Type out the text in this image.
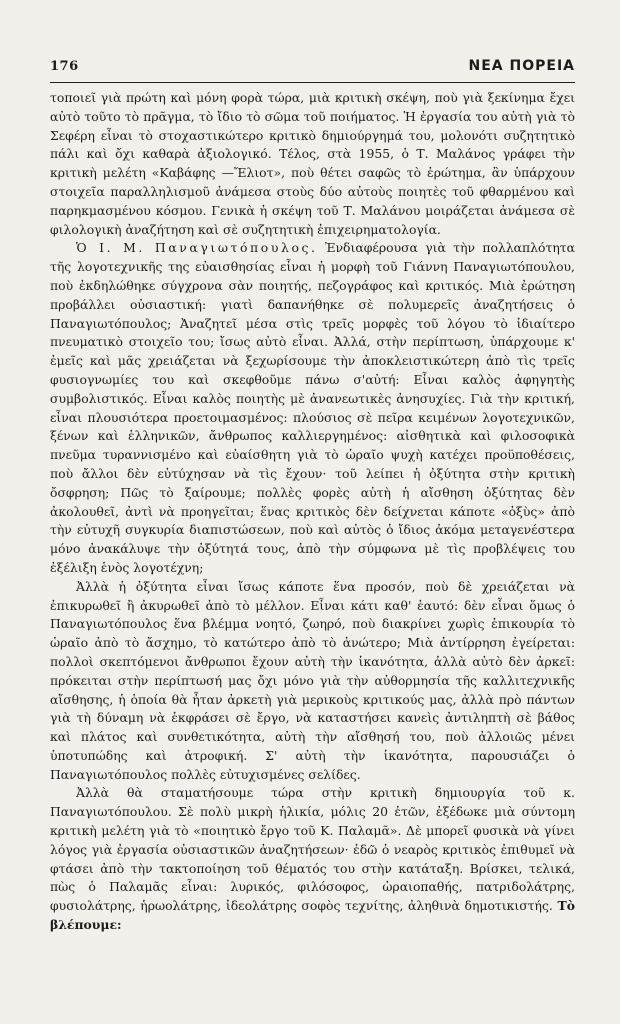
176	ΝΕΑ ΠΟΡΕΙΑ

τοποιεῖ γιὰ πρώτη καὶ μόνη φορὰ τώρα, μιὰ κριτικὴ σκέψη, ποὺ γιὰ ξεκίνημα ἔχει αὐτὸ τοῦτο τὸ πρᾶγμα, τὸ ἴδιο τὸ σῶμα τοῦ ποιήματος. Ἡ ἐργασία του αὐτὴ γιὰ τὸ Σεφέρη εἶναι τὸ στοχαστικώτερο κριτικὸ δημιούργημά του, μολονότι συζητητικὸ πάλι καὶ ὄχι καθαρὰ ἀξιολογικό. Τέλος, στὰ 1955, ὁ Τ. Μαλάνος γράφει τὴν κριτικὴ μελέτη «Καβάφης —Ἔλιοτ», ποὺ θέτει σαφῶς τὸ ἐρώτημα, ἂν ὑπάρχουν στοιχεῖα παραλληλισμοῦ ἀνάμεσα στοὺς δύο αὐτοὺς ποιητὲς τοῦ φθαρμένου καὶ παρηκμασμένου κόσμου. Γενικὰ ἡ σκέψη τοῦ Τ. Μαλάνου μοιράζεται ἀνάμεσα σὲ φιλολογικὴ ἀναζήτηση καὶ σὲ συζητητικὴ ἐπιχειρηματολογία.

Ὁ Ι. Μ. Παναγιωτόπουλος. Ἐνδιαφέρουσα γιὰ τὴν πολλαπλότητα τῆς λογοτεχνικῆς της εὐαισθησίας εἶναι ἡ μορφὴ τοῦ Γιάννη Παναγιωτόπουλου, ποὺ ἐκδηλώθηκε σύγχρονα σὰν ποιητής, πεζογράφος καὶ κριτικός. Μιὰ ἐρώτηση προβάλλει οὐσιαστική: γιατὶ δαπανήθηκε σὲ πολυμερεῖς ἀναζητήσεις ὁ Παναγιωτόπουλος; Ἀναζητεῖ μέσα στὶς τρεῖς μορφὲς τοῦ λόγου τὸ ἰδιαίτερο πνευματικὸ στοιχεῖο του; ἴσως αὐτὸ εἶναι. Ἀλλά, στὴν περίπτωση, ὑπάρχουμε κ' ἐμεῖς καὶ μᾶς χρειάζεται νὰ ξεχωρίσουμε τὴν ἀποκλειστικώτερη ἀπὸ τὶς τρεῖς φυσιογνωμίες του καὶ σκεφθοῦμε πάνω σ'αὐτή: Εἶναι καλὸς ἀφηγητὴς συμβολιστικός. Εἶναι καλὸς ποιητὴς μὲ ἀνανεωτικὲς ἀνησυχίες. Γιὰ τὴν κριτική, εἶναι πλουσιότερα προετοιμασμένος: πλούσιος σὲ πεῖρα κειμένων λογοτεχνικῶν, ξένων καὶ ἑλληνικῶν, ἄνθρωπος καλλιεργημένος: αἰσθητικὰ καὶ φιλοσοφικὰ πνεῦμα τυραννισμένο καὶ εὐαίσθητη γιὰ τὸ ὡραῖο ψυχὴ κατέχει προϋποθέσεις, ποὺ ἄλλοι δὲν εὐτύχησαν νὰ τὶς ἔχουν· τοῦ λείπει ἡ ὀξύτητα στὴν κριτικὴ ὄσφρηση; Πῶς τὸ ξαίρουμε; πολλὲς φορὲς αὐτὴ ἡ αἴσθηση ὀξύτητας δὲν ἀκολουθεῖ, ἀντὶ νὰ προηγεῖται; ἕνας κριτικὸς δὲν δείχνεται κάποτε «ὀξὺς» ἀπὸ τὴν εὐτυχῆ συγκυρία διαπιστώσεων, ποὺ καὶ αὐτὸς ὁ ἴδιος ἀκόμα μεταγενέστερα μόνο ἀνακάλυψε τὴν ὀξύτητά τους, ἀπὸ τὴν σύμφωνα μὲ τὶς προβλέψεις του ἐξέλιξη ἑνὸς λογοτέχνη;

Ἀλλὰ ἡ ὀξύτητα εἶναι ἴσως κάποτε ἕνα προσόν, ποὺ δὲ χρειάζεται νὰ ἐπικυρωθεῖ ἢ ἀκυρωθεῖ ἀπὸ τὸ μέλλον. Εἶναι κάτι καθ' ἑαυτό: δὲν εἶναι ὅμως ὁ Παναγιωτόπουλος ἕνα βλέμμα νοητό, ζωηρό, ποὺ διακρίνει χωρὶς ἐπικουρία τὸ ὡραῖο ἀπὸ τὸ ἄσχημο, τὸ κατώτερο ἀπὸ τὸ ἀνώτερο; Μιὰ ἀντίρρηση ἐγείρεται: πολλοὶ σκεπτόμενοι ἄνθρωποι ἔχουν αὐτὴ τὴν ἱκανότητα, ἀλλὰ αὐτὸ δὲν ἀρκεῖ: πρόκειται στὴν περίπτωσή μας ὄχι μόνο γιὰ τὴν αὐθορμησία τῆς καλλιτεχνικῆς αἴσθησης, ἡ ὁποία θὰ ἦταν ἀρκετὴ γιὰ μερικοὺς κριτικούς μας, ἀλλὰ πρὸ πάντων γιὰ τὴ δύναμη νὰ ἐκφράσει σὲ ἔργο, νὰ καταστήσει κανεὶς ἀντιληπτὴ σὲ βάθος καὶ πλάτος καὶ συνθετικότητα, αὐτὴ τὴν αἴσθησή του, ποὺ ἀλλοιῶς μένει ὑποτυπώδης καὶ ἀτροφική. Σ' αὐτὴ τὴν ἱκανότητα, παρουσιάζει ὁ Παναγιωτόπουλος πολλὲς εὐτυχισμένες σελίδες.

Ἀλλὰ θὰ σταματήσουμε τώρα στὴν κριτικὴ δημιουργία τοῦ κ. Παναγιωτόπουλου. Σὲ πολὺ μικρὴ ἡλικία, μόλις 20 ἐτῶν, ἐξέδωκε μιὰ σύντομη κριτικὴ μελέτη γιὰ τὸ «ποιητικὸ ἔργο τοῦ Κ. Παλαμᾶ». Δὲ μπορεῖ φυσικὰ νὰ γίνει λόγος γιὰ ἐργασία οὐσιαστικῶν ἀναζητήσεων· ἐδῶ ὁ νεαρὸς κριτικὸς ἐπιθυμεῖ νὰ φτάσει ἀπὸ τὴν τακτοποίηση τοῦ θέματός του στὴν κατάταξη. Βρίσκει, τελικά, πὼς ὁ Παλαμᾶς εἶναι: λυρικός, φιλόσοφος, ὡραιοπαθής, πατριδολάτρης, φυσιολάτρης, ἡρωολάτρης, ἰδεολάτρης σοφὸς τεχνίτης, ἀληθινὰ δημοτικιστής. Τὸ βλέπουμε:
